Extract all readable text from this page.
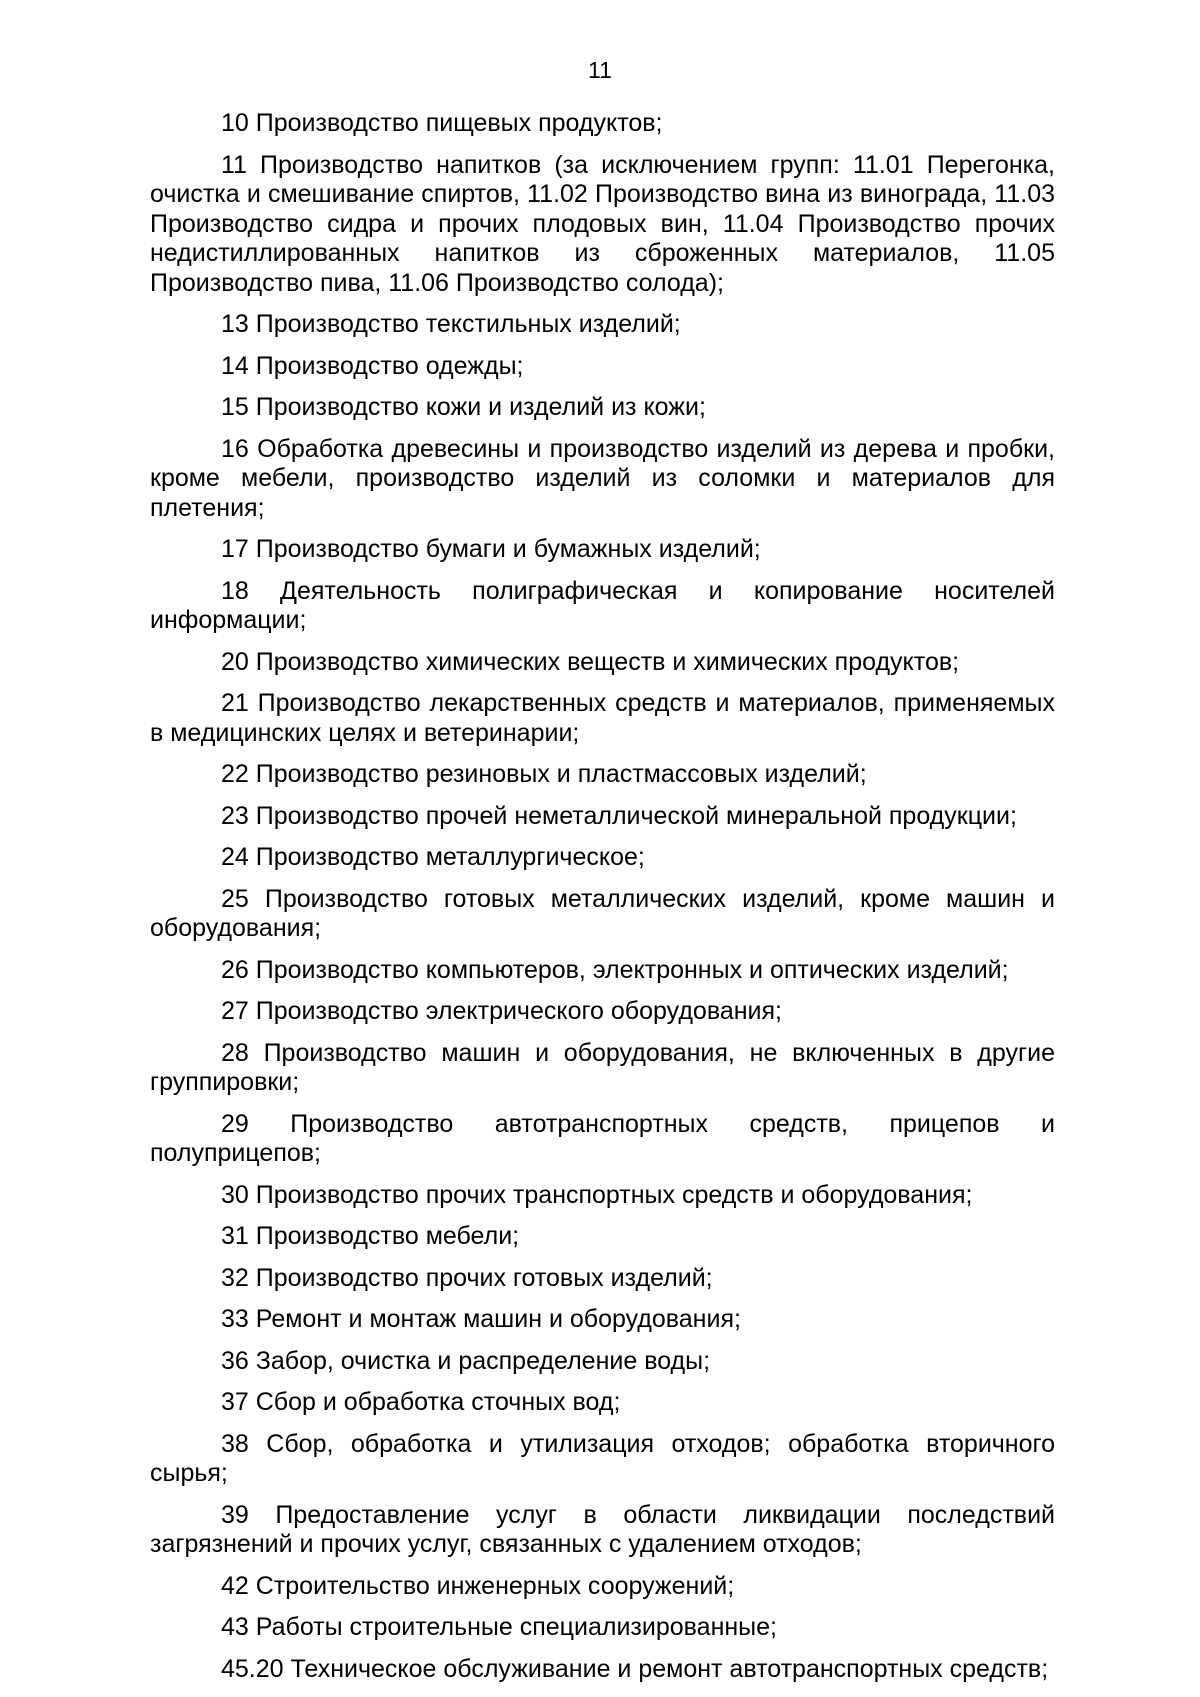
11

10 Производство пищевых продуктов;

11 Производство напитков (за исключением групп: 11.01 Перегонка, очистка и смешивание спиртов, 11.02 Производство вина из винограда, 11.03 Производство сидра и прочих плодовых вин, 11.04 Производство прочих недистиллированных напитков из сброженных материалов, 11.05 Производство пива, 11.06 Производство солода);

13 Производство текстильных изделий;

14 Производство одежды;

15 Производство кожи и изделий из кожи;

16 Обработка древесины и производство изделий из дерева и пробки, кроме мебели, производство изделий из соломки и материалов для плетения;

17 Производство бумаги и бумажных изделий;

18 Деятельность полиграфическая и копирование носителей информации;

20 Производство химических веществ и химических продуктов;

21 Производство лекарственных средств и материалов, применяемых в медицинских целях и ветеринарии;

22 Производство резиновых и пластмассовых изделий;

23 Производство прочей неметаллической минеральной продукции;

24 Производство металлургическое;

25 Производство готовых металлических изделий, кроме машин и оборудования;

26 Производство компьютеров, электронных и оптических изделий;

27 Производство электрического оборудования;

28 Производство машин и оборудования, не включенных в другие группировки;

29 Производство автотранспортных средств, прицепов и полуприцепов;

30 Производство прочих транспортных средств и оборудования;

31 Производство мебели;

32 Производство прочих готовых изделий;

33 Ремонт и монтаж машин и оборудования;

36 Забор, очистка и распределение воды;

37 Сбор и обработка сточных вод;

38 Сбор, обработка и утилизация отходов; обработка вторичного сырья;

39 Предоставление услуг в области ликвидации последствий загрязнений и прочих услуг, связанных с удалением отходов;

42 Строительство инженерных сооружений;

43 Работы строительные специализированные;

45.20 Техническое обслуживание и ремонт автотранспортных средств;
